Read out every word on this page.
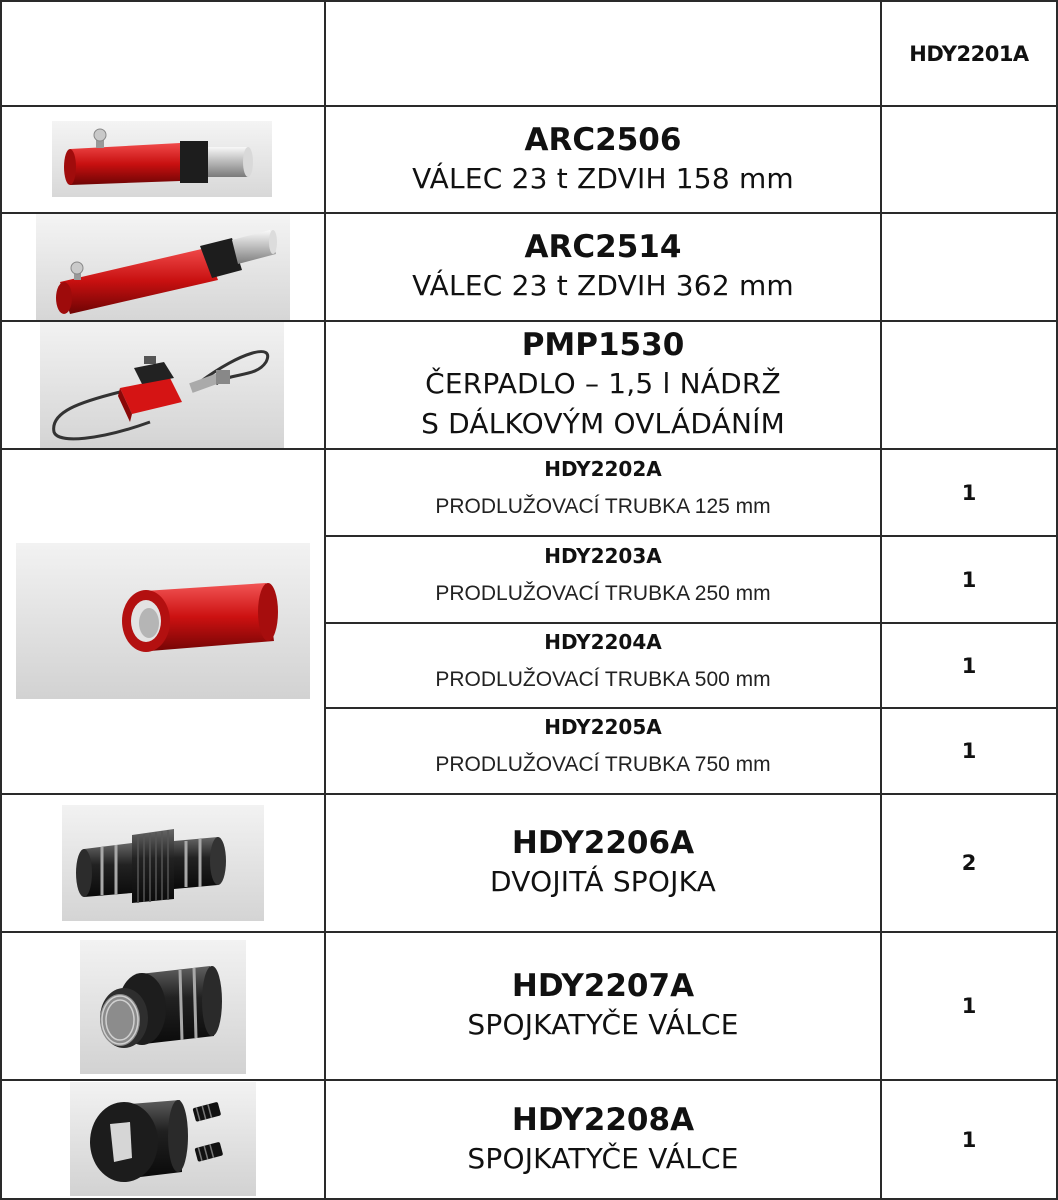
HDY2201A
ARC2506
VÁLEC 23 t ZDVIH 158 mm
ARC2514
VÁLEC 23 t ZDVIH 362 mm
PMP1530
ČERPADLO – 1,5 l NÁDRŽ
S DÁLKOVÝM OVLÁDÁNÍM
HDY2202A
PRODLUŽOVACÍ TRUBKA 125 mm
1
HDY2203A
PRODLUŽOVACÍ TRUBKA 250 mm
1
HDY2204A
PRODLUŽOVACÍ TRUBKA 500 mm
1
HDY2205A
PRODLUŽOVACÍ TRUBKA 750 mm
1
HDY2206A
DVOJITÁ SPOJKA
2
HDY2207A
SPOJKATYČE VÁLCE
1
HDY2208A
SPOJKATYČE VÁLCE
1
